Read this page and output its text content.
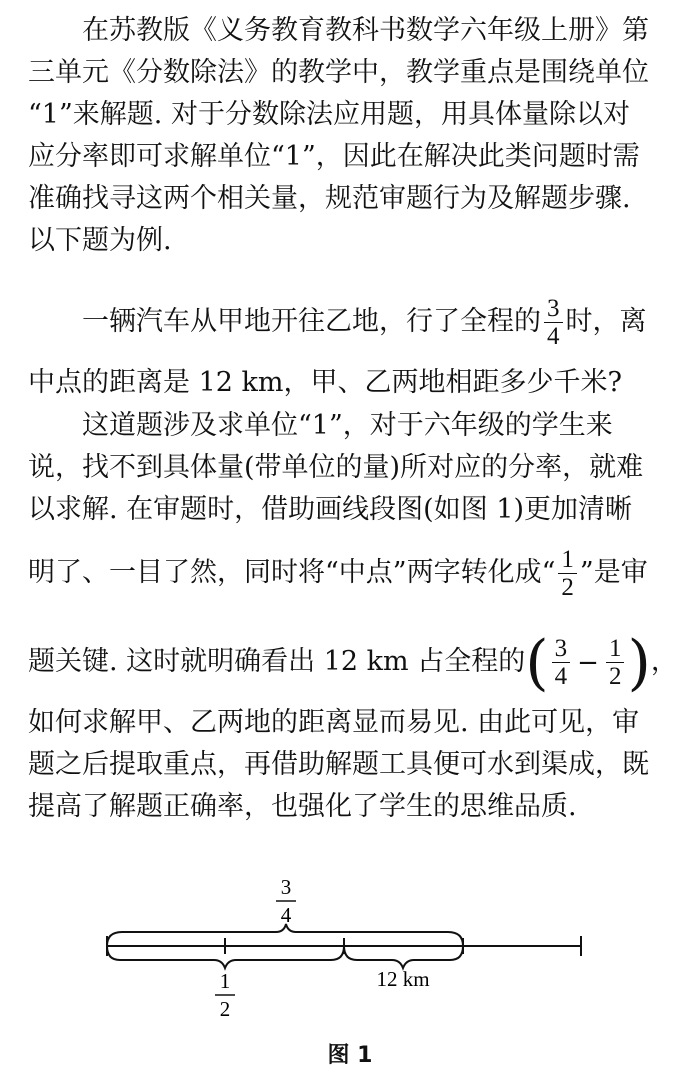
在苏教版《义务教育教科书数学六年级上册》第
三单元《分数除法》的教学中，教学重点是围绕单位
“1”来解题. 对于分数除法应用题，用具体量除以对
应分率即可求解单位“1”，因此在解决此类问题时需
准确找寻这两个相关量，规范审题行为及解题步骤.
以下题为例.
一辆汽车从甲地开往乙地，行了全程的 $\frac{3}{4}$ 时，离
中点的距离是 12 km，甲、乙两地相距多少千米?
这道题涉及求单位“1”，对于六年级的学生来
说，找不到具体量(带单位的量)所对应的分率，就难
以求解. 在审题时，借助画线段图(如图 1)更加清晰
明了、一目了然，同时将“中点”两字转化成“ $\frac{1}{2}$ ”是审
题关键. 这时就明确看出 12 km 占全程的 ( $\frac{3}{4} - \frac{1}{2}$ ) ，
如何求解甲、乙两地的距离显而易见. 由此可见，审
题之后提取重点，再借助解题工具便可水到渠成，既
提高了解题正确率，也强化了学生的思维品质.
3
4
1
2
12 km
图 1
